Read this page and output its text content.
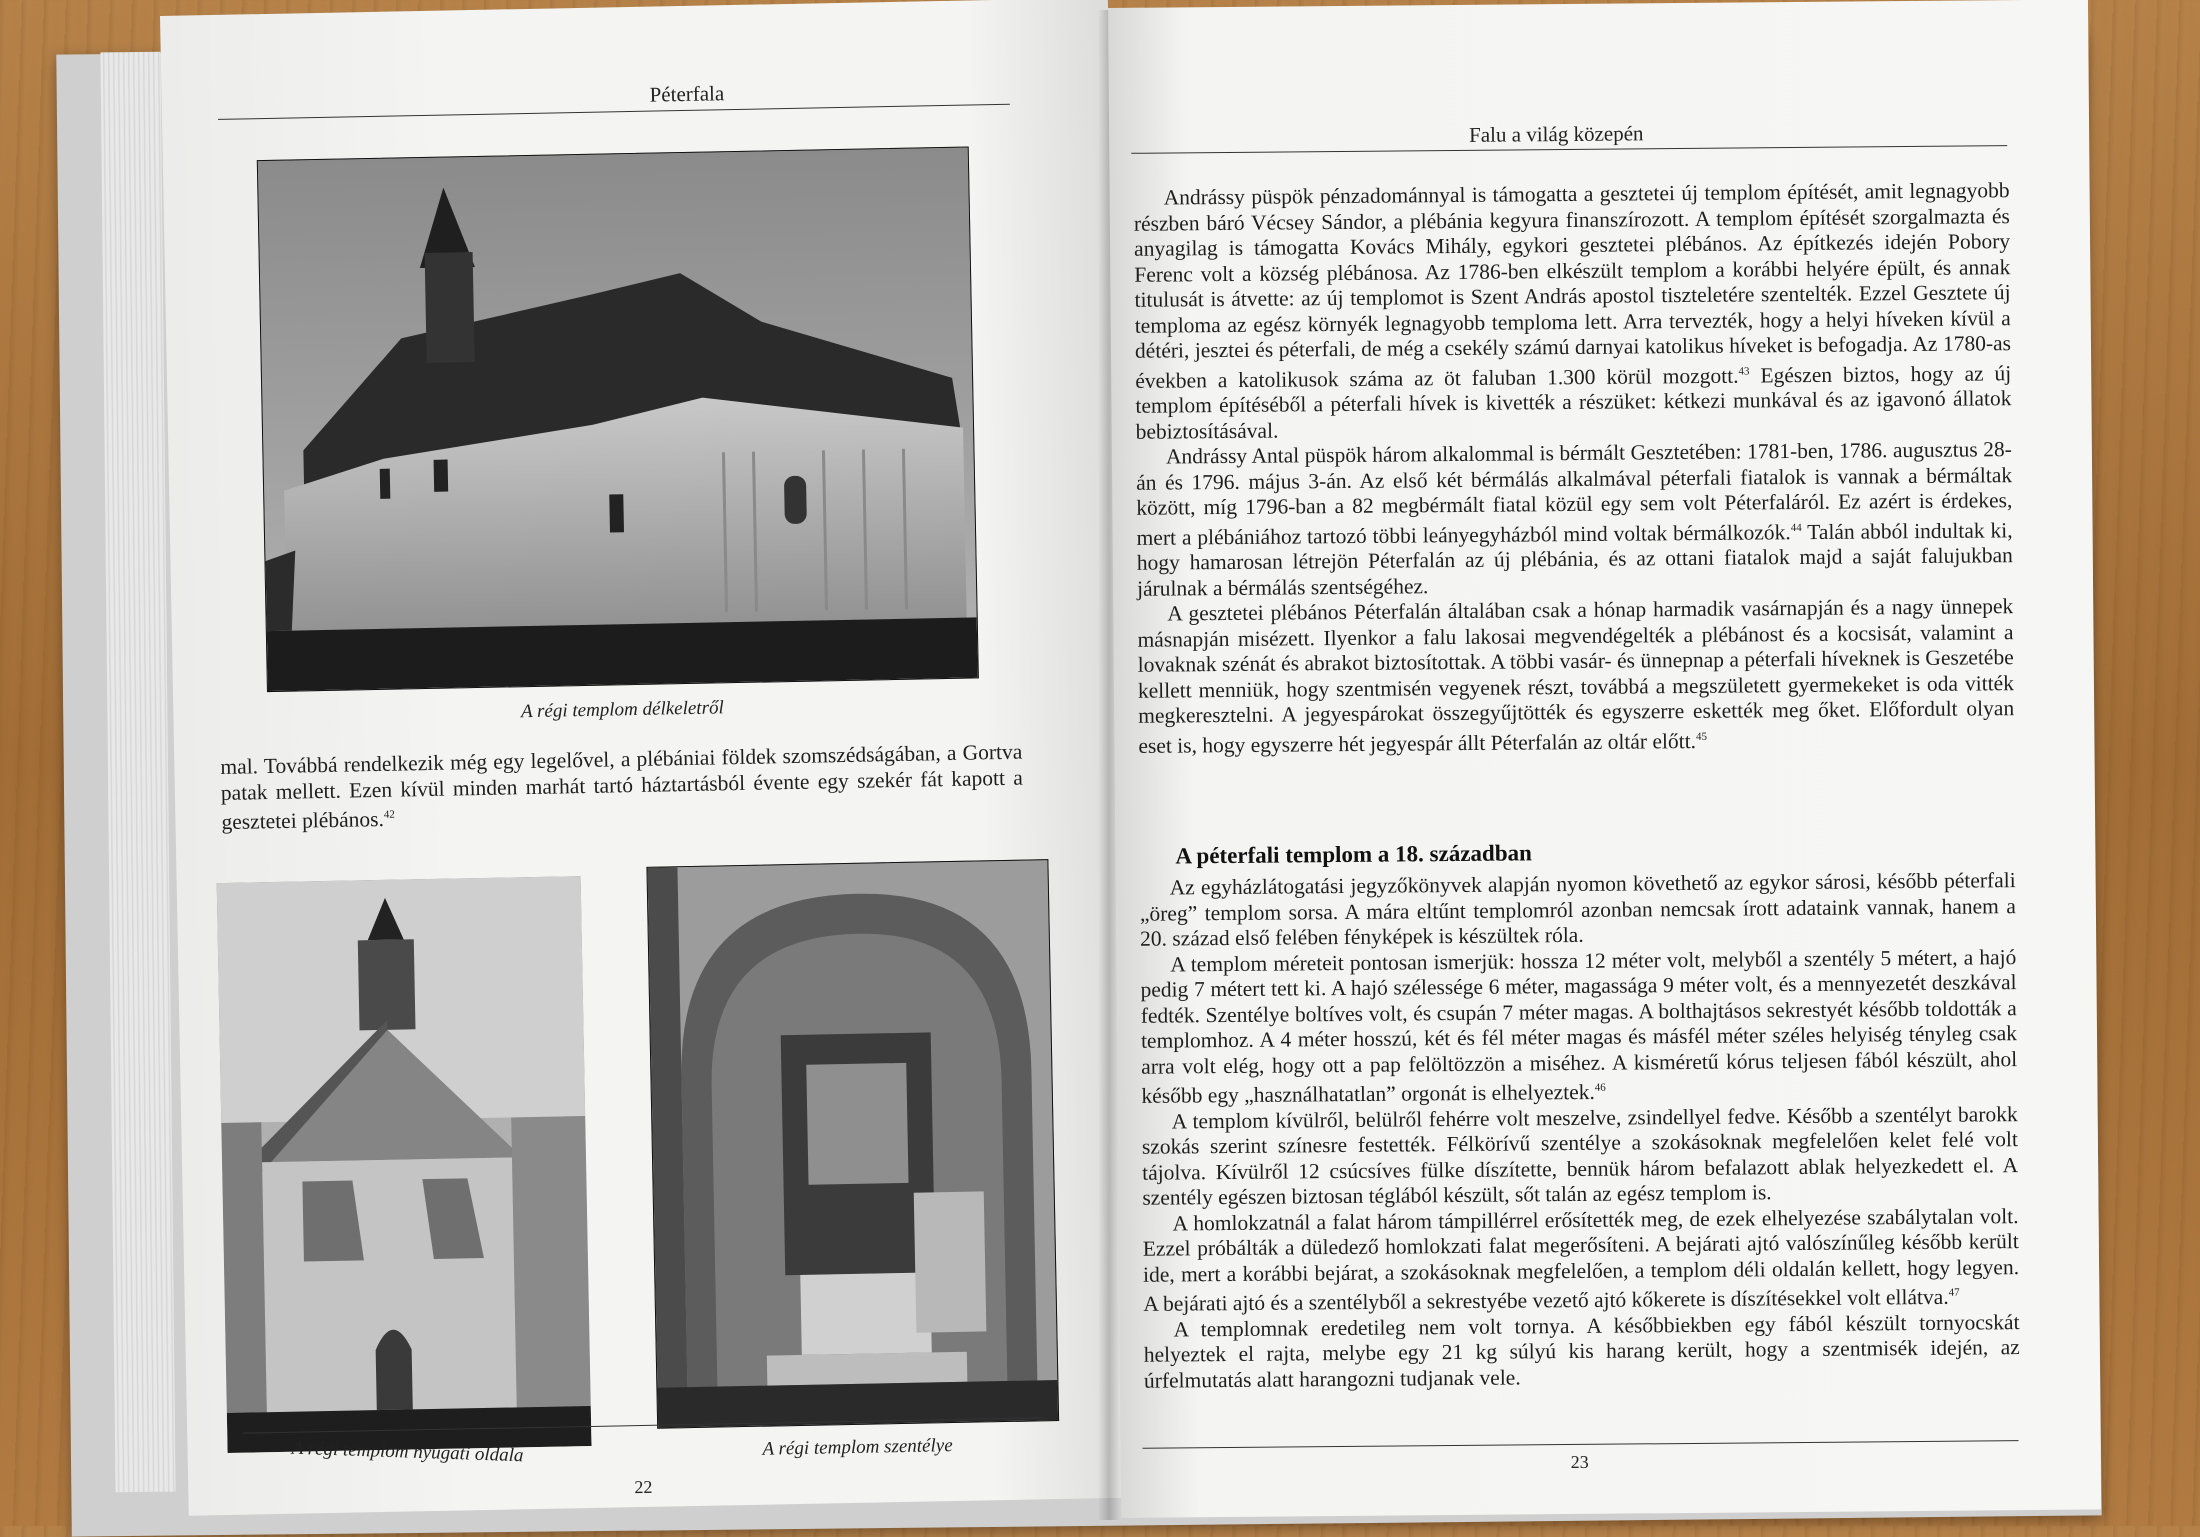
Péterfala
A régi templom délkeletről

mal. Továbbá rendelkezik még egy legelővel, a plébániai földek szomszédságában, a Gortva patak mellett. Ezen kívül minden marhát tartó háztartásból évente egy szekér fát kapott a gesztetei plébános.$^{42}$

A régi templom nyugati oldala	A régi templom szentélye
22
Falu a világ közepén

Andrássy püspök pénzadománnyal is támogatta a gesztetei új templom építését, amit legnagyobb részben báró Vécsey Sándor, a plébánia kegyura finanszírozott. A templom építését szorgalmazta és anyagilag is támogatta Kovács Mihály, egykori gesztetei plébános. Az építkezés idején Pobory Ferenc volt a község plébánosa. Az 1786-ben elkészült templom a korábbi helyére épült, és annak titulusát is átvette: az új templomot is Szent András apostol tiszteletére szentelték. Ezzel Gesztete új temploma az egész környék legnagyobb temploma lett. Arra tervezték, hogy a helyi híveken kívül a détéri, jesztei és péterfali, de még a csekély számú darnyai katolikus híveket is befogadja. Az 1780-as években a katolikusok száma az öt faluban 1.300 körül mozgott.$^{43}$ Egészen biztos, hogy az új templom építéséből a péterfali hívek is kivették a részüket: kétkezi munkával és az igavonó állatok bebiztosításával.

Andrássy Antal püspök három alkalommal is bérmált Gesztetében: 1781-ben, 1786. augusztus 28-án és 1796. május 3-án. Az első két bérmálás alkalmával péterfali fiatalok is vannak a bérmáltak között, míg 1796-ban a 82 megbérmált fiatal közül egy sem volt Péterfaláról. Ez azért is érdekes, mert a plébániához tartozó többi leányegyházból mind voltak bérmálkozók.$^{44}$ Talán abból indultak ki, hogy hamarosan létrejön Péterfalán az új plébánia, és az ottani fiatalok majd a saját falujukban járulnak a bérmálás szentségéhez.

A gesztetei plébános Péterfalán általában csak a hónap harmadik vasárnapján és a nagy ünnepek másnapján misézett. Ilyenkor a falu lakosai megvendégelték a plébánost és a kocsisát, valamint a lovaknak szénát és abrakot biztosítottak. A többi vasár- és ünnepnap a péterfali híveknek is Geszetébe kellett menniük, hogy szentmisén vegyenek részt, továbbá a megszületett gyermekeket is oda vitték megkeresztelni. A jegyespárokat összegyűjtötték és egyszerre eskették meg őket. Előfordult olyan eset is, hogy egyszerre hét jegyespár állt Péterfalán az oltár előtt.$^{45}$

A péterfali templom a 18. században

Az egyházlátogatási jegyzőkönyvek alapján nyomon követhető az egykor sárosi, később péterfali „öreg” templom sorsa. A mára eltűnt templomról azonban nemcsak írott adataink vannak, hanem a 20. század első felében fényképek is készültek róla.

A templom méreteit pontosan ismerjük: hossza 12 méter volt, melyből a szentély 5 métert, a hajó pedig 7 métert tett ki. A hajó szélessége 6 méter, magassága 9 méter volt, és a mennyezetét deszkával fedték. Szentélye boltíves volt, és csupán 7 méter magas. A bolthajtásos sekrestyét később toldották a templomhoz. A 4 méter hosszú, két és fél méter magas és másfél méter széles helyiség tényleg csak arra volt elég, hogy ott a pap felöltözzön a miséhez. A kisméretű kórus teljesen fából készült, ahol később egy „használhatatlan” orgonát is elhelyeztek.$^{46}$

A templom kívülről, belülről fehérre volt meszelve, zsindellyel fedve. Később a szentélyt barokk szokás szerint színesre festették. Félkörívű szentélye a szokásoknak megfelelően kelet felé volt tájolva. Kívülről 12 csúcsíves fülke díszítette, bennük három befalazott ablak helyezkedett el. A szentély egészen biztosan téglából készült, sőt talán az egész templom is.

A homlokzatnál a falat három támpillérrel erősítették meg, de ezek elhelyezése szabálytalan volt. Ezzel próbálták a düledező homlokzati falat megerősíteni. A bejárati ajtó valószínűleg később került ide, mert a korábbi bejárat, a szokásoknak megfelelően, a templom déli oldalán kellett, hogy legyen. A bejárati ajtó és a szentélyből a sekrestyébe vezető ajtó kőkerete is díszítésekkel volt ellátva.$^{47}$

A templomnak eredetileg nem volt tornya. A későbbiekben egy fából készült tornyocskát helyeztek el rajta, melybe egy 21 kg súlyú kis harang került, hogy a szentmisék idején, az úrfelmutatás alatt harangozni tudjanak vele.

23
